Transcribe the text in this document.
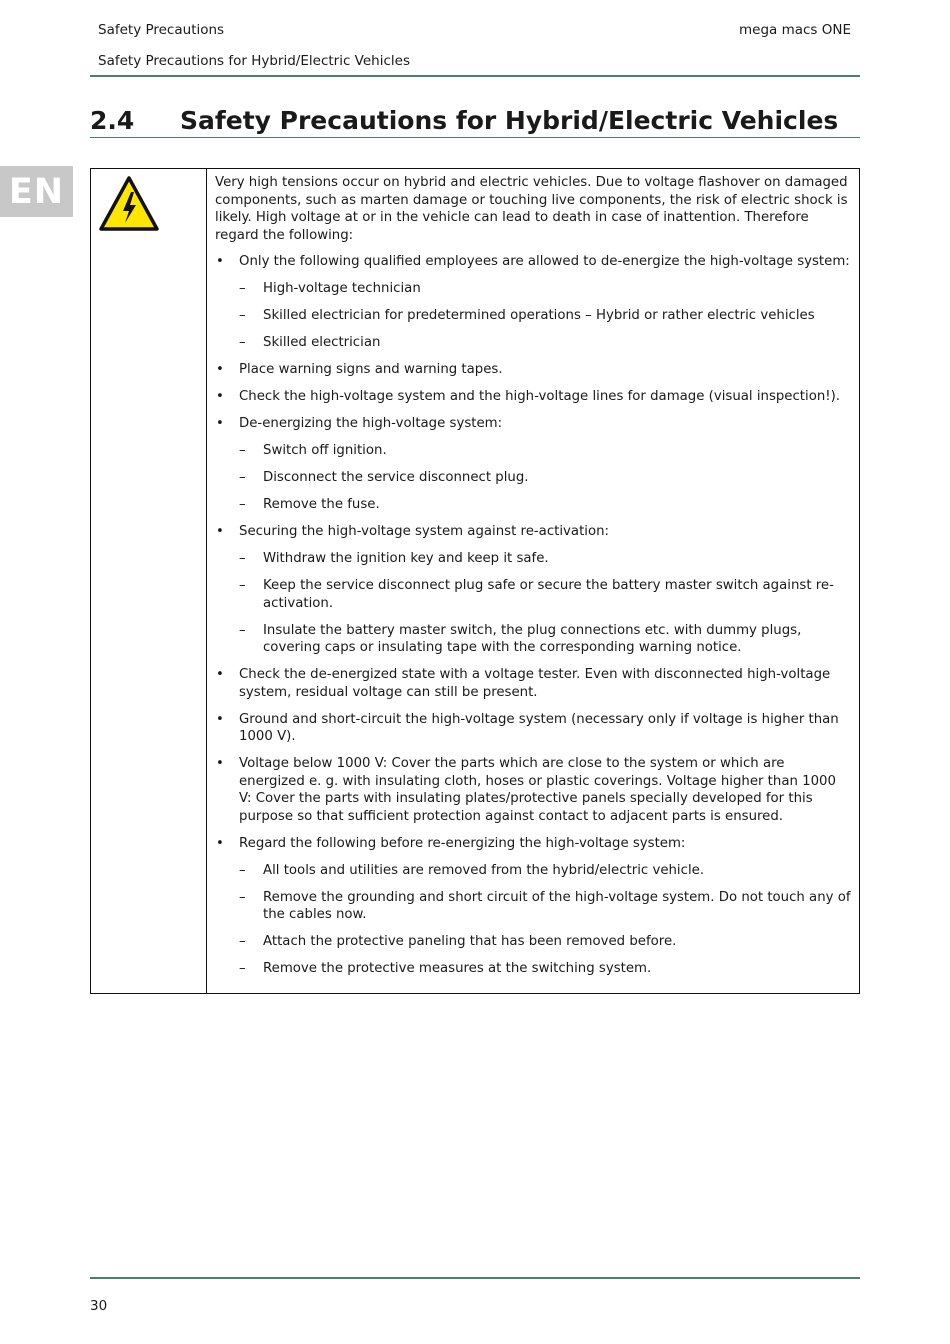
Safety Precautions	mega macs ONE
Safety Precautions for Hybrid/Electric Vehicles
2.4 Safety Precautions for Hybrid/Electric Vehicles
EN	Very high tensions occur on hybrid and electric vehicles. Due to voltage flashover on damaged components, such as marten damage or touching live components, the risk of electric shock is likely. High voltage at or in the vehicle can lead to death in case of inattention. Therefore regard the following:

• Only the following qualified employees are allowed to de-energize the high-voltage system:
– High-voltage technician
– Skilled electrician for predetermined operations – Hybrid or rather electric vehicles
– Skilled electrician
• Place warning signs and warning tapes.
• Check the high-voltage system and the high-voltage lines for damage (visual inspection!).
• De-energizing the high-voltage system:
– Switch off ignition.
– Disconnect the service disconnect plug.
– Remove the fuse.
• Securing the high-voltage system against re-activation:
– Withdraw the ignition key and keep it safe.
– Keep the service disconnect plug safe or secure the battery master switch against re-activation.
– Insulate the battery master switch, the plug connections etc. with dummy plugs, covering caps or insulating tape with the corresponding warning notice.
• Check the de-energized state with a voltage tester. Even with disconnected high-voltage system, residual voltage can still be present.
• Ground and short-circuit the high-voltage system (necessary only if voltage is higher than 1000 V).
• Voltage below 1000 V: Cover the parts which are close to the system or which are energized e. g. with insulating cloth, hoses or plastic coverings. Voltage higher than 1000 V: Cover the parts with insulating plates/protective panels specially developed for this purpose so that sufficient protection against contact to adjacent parts is ensured.
• Regard the following before re-energizing the high-voltage system:
– All tools and utilities are removed from the hybrid/electric vehicle.
– Remove the grounding and short circuit of the high-voltage system. Do not touch any of the cables now.
– Attach the protective paneling that has been removed before.
– Remove the protective measures at the switching system.
30
